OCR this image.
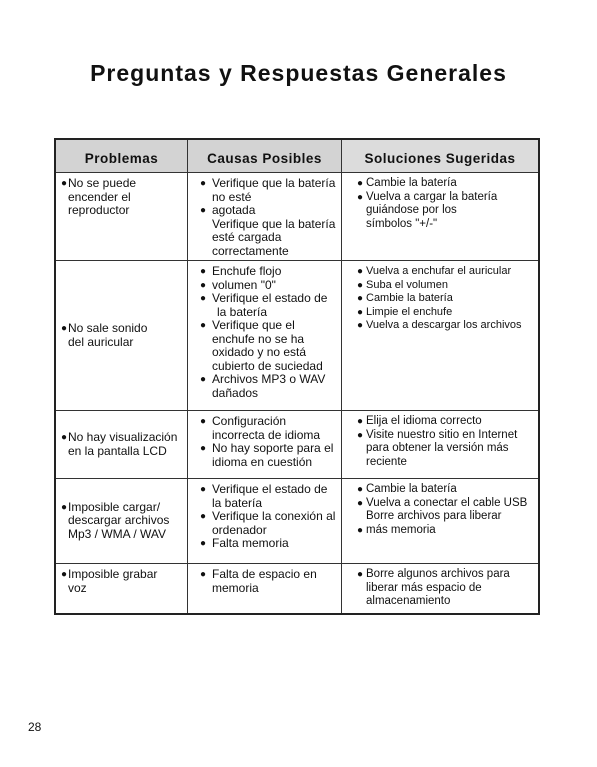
Preguntas y Respuestas Generales
Problemas	Causas Posibles	Soluciones Sugeridas
● No se puede
encender el
reproductor
● Verifique que la batería no esté
● agotada
Verifique que la batería esté cargada correctamente
● Cambie la batería
● Vuelva a cargar la batería
guiándose por los símbolos "+/-"
● No sale sonido
del auricular
● Enchufe flojo
● volumen "0"
● Verifique el estado de
la batería
● Verifique que el enchufe no se ha oxidado y no está cubierto de suciedad
● Archivos MP3 o WAV dañados
● Vuelva a enchufar el auricular
● Suba el volumen
● Cambie la batería
● Limpie el enchufe
● Vuelva a descargar los archivos
● No hay visualización
en la pantalla LCD
● Configuración incorrecta de idioma
● No hay soporte para el idioma en cuestión
● Elija el idioma correcto
● Visite nuestro sitio en Internet para obtener la versión más reciente
● Imposible cargar/
descargar archivos
Mp3 / WMA / WAV
● Verifique el estado de la batería
● Verifique la conexión al ordenador
● Falta memoria
● Cambie la batería
● Vuelva a conectar el cable USB
Borre archivos para liberar
● más memoria
● Imposible grabar
voz
● Falta de espacio en memoria
● Borre algunos archivos para liberar más espacio de almacenamiento
28
